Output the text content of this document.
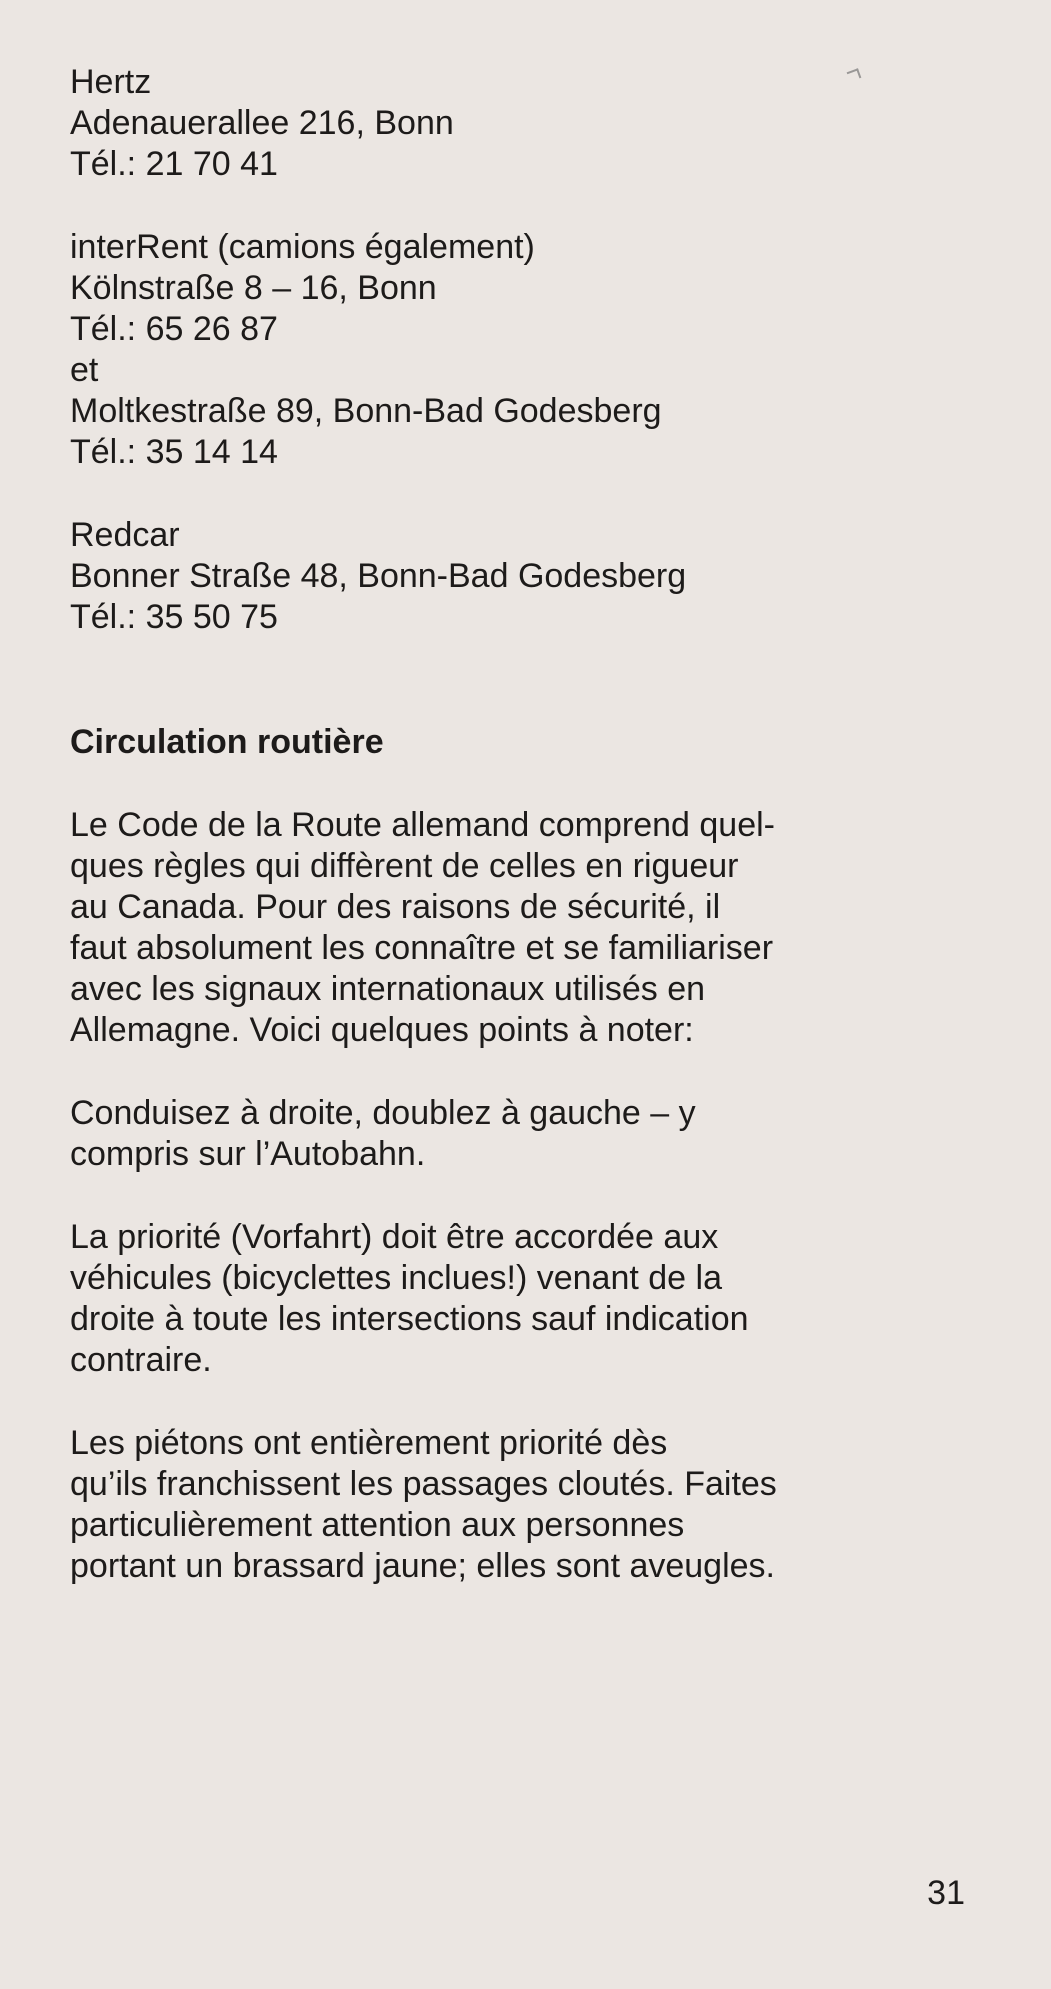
Hertz
Adenauerallee 216, Bonn
Tél.: 21 70 41
interRent (camions également)
Kölnstraße 8 – 16, Bonn
Tél.: 65 26 87
et
Moltkestraße 89, Bonn-Bad Godesberg
Tél.: 35 14 14
Redcar
Bonner Straße 48, Bonn-Bad Godesberg
Tél.: 35 50 75
Circulation routière
Le Code de la Route allemand comprend quel-
ques règles qui diffèrent de celles en rigueur
au Canada. Pour des raisons de sécurité, il
faut absolument les connaître et se familiariser
avec les signaux internationaux utilisés en
Allemagne. Voici quelques points à noter:
Conduisez à droite, doublez à gauche – y
compris sur l’Autobahn.
La priorité (Vorfahrt) doit être accordée aux
véhicules (bicyclettes inclues!) venant de la
droite à toute les intersections sauf indication
contraire.
Les piétons ont entièrement priorité dès
qu’ils franchissent les passages cloutés. Faites
particulièrement attention aux personnes
portant un brassard jaune; elles sont aveugles.
31
